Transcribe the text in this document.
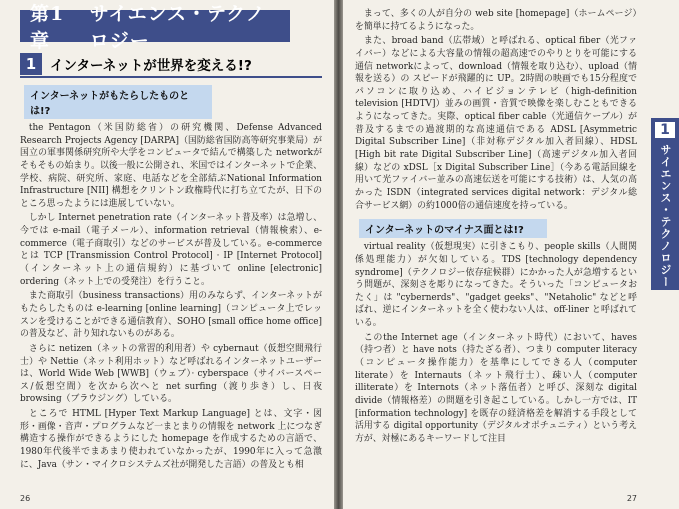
第1章
サイエンス・テクノロジー
1	インターネットが世界を変える!?
インターネットがもたらしたものとは!?

the Pentagon（米国防総省）の研究機関、Defense Advanced Research Projects Agency [DARPA]（国防総省国防高等研究事業局）が国立の軍事関係研究所や大学をコンピュータで結んで構築した networkがそもそもの始まり。以後一般に公開され、米国ではインターネットで企業、学校、病院、研究所、家庭、电話などを全部結ぶNational Information Infrastructure [NII] 構想をクリントン政権時代に打ち立てたが、日下のところ思ったようには進展していない。

しかし Internet penetration rate（インターネット普及率）は急増し、今では e-mail（電子メール）、information retrieval（情報検索）、e-commerce（電子商取引）などのサービスが普及している。e-commerce とは TCP [Transmission Control Protocol] · IP [Internet Protocol]（インターネット上の通信規約）に基づいて online [electronic] ordering（ネット上での受発注）を行うこと。

また商取引（business transactions）用のみならず、インターネットがもたらしたものは e-learning [online learning]（コンピュータ上でレッスンを受けることができる通信教育）、SOHO [small office home office] の普及など、計り知れないものがある。

さらに netizen（ネットの常習的利用者）や cybernaut（仮想空間飛行士）や Nettie（ネット利用ホット）など呼ばれるインターネットユーザーは、World Wide Web [WWB]（ウェブ）· cyberspace（サイバースペース/仮想空間）を次から次へと net surfing（渡り歩き）し、日夜 browsing（ブラウジング）している。

ところで HTML [Hyper Text Markup Language] とは、文字・図形・画像・音声・プログラムなど一まとまりの情報を network 上につなぎ構造する操作ができるようにした homepage を作成するための言語で、1980年代後半でまあまり使われていなかったが、1990年に入って急激に、Java（サン・マイクロシステムズ社が開発した言語）の普及とも相

26

まって、多くの人が自分の web site [homepage]（ホームページ）を簡単に持てるようになった。

また、broad band（広帯域）と呼ばれる、optical fiber（光ファイバー）などによる大容量の情報の超高速でのやりとりを可能にする通信 networkによって、download（情報を取り込む）、upload（情報を送る）の スピードが飛躍的に UP。2時間の映画でも15分程度でパソコンに取り込め、ハイビジョンテレビ（high-definition television [HDTV]）並みの画質・音質で映像を楽しむこともできるようになってきた。実際、optical fiber cable（光通信ケーブル）が普及するまでの過渡期的な高速通信である ADSL [Asymmetric Digital Subscriber Line]（非対称デジタル加入者回線）、HDSL [High bit rate Digital Subscriber Line]（高速デジタル加入者回線）などの xDSL［x Digital Subscriber Line］（今ある電話回線を用いて光ファイバー並みの高速伝送を可能にする技術）は、人気の高かった ISDN（integrated services digital network：デジタル総合サービス網）の約1000倍の通信速度を持っている。

インターネットのマイナス面とは!?

virtual reality（仮想現実）に引きこもり、people skills（人間関係処理能力）が欠如している。TDS [technology dependency syndrome]（テクノロジー依存症候群）にかかった人が急増するという問題が、深刻さを彫りになってきた。そういった「コンピュータおたく」は "cybernerds"、"gadget geeks"、"Netaholic" などと呼ばれ、逆にインターネットを全く使わない人は、off-liner と呼ばれている。

このthe Internet age（インターネット時代）において、haves（持つ者）と have nots（持たざる者）、つまり computer literacy（コンピュータ操作能力）を基準にしてできる人（computer literate）を Internauts（ネット飛行士）、疎い人（computer illiterate）を Internots（ネット落伍者）と呼び、深刻な digital divide（情報格差）の問題を引き起こしている。しかし一方では、IT [information technology] を既存の経済格差を解消する手段として活用する digital opportunity（デジタルオポチュニティ）という考え方が、対極にあるキーワードして注目

27
1
サイエンス・テクノロジー
